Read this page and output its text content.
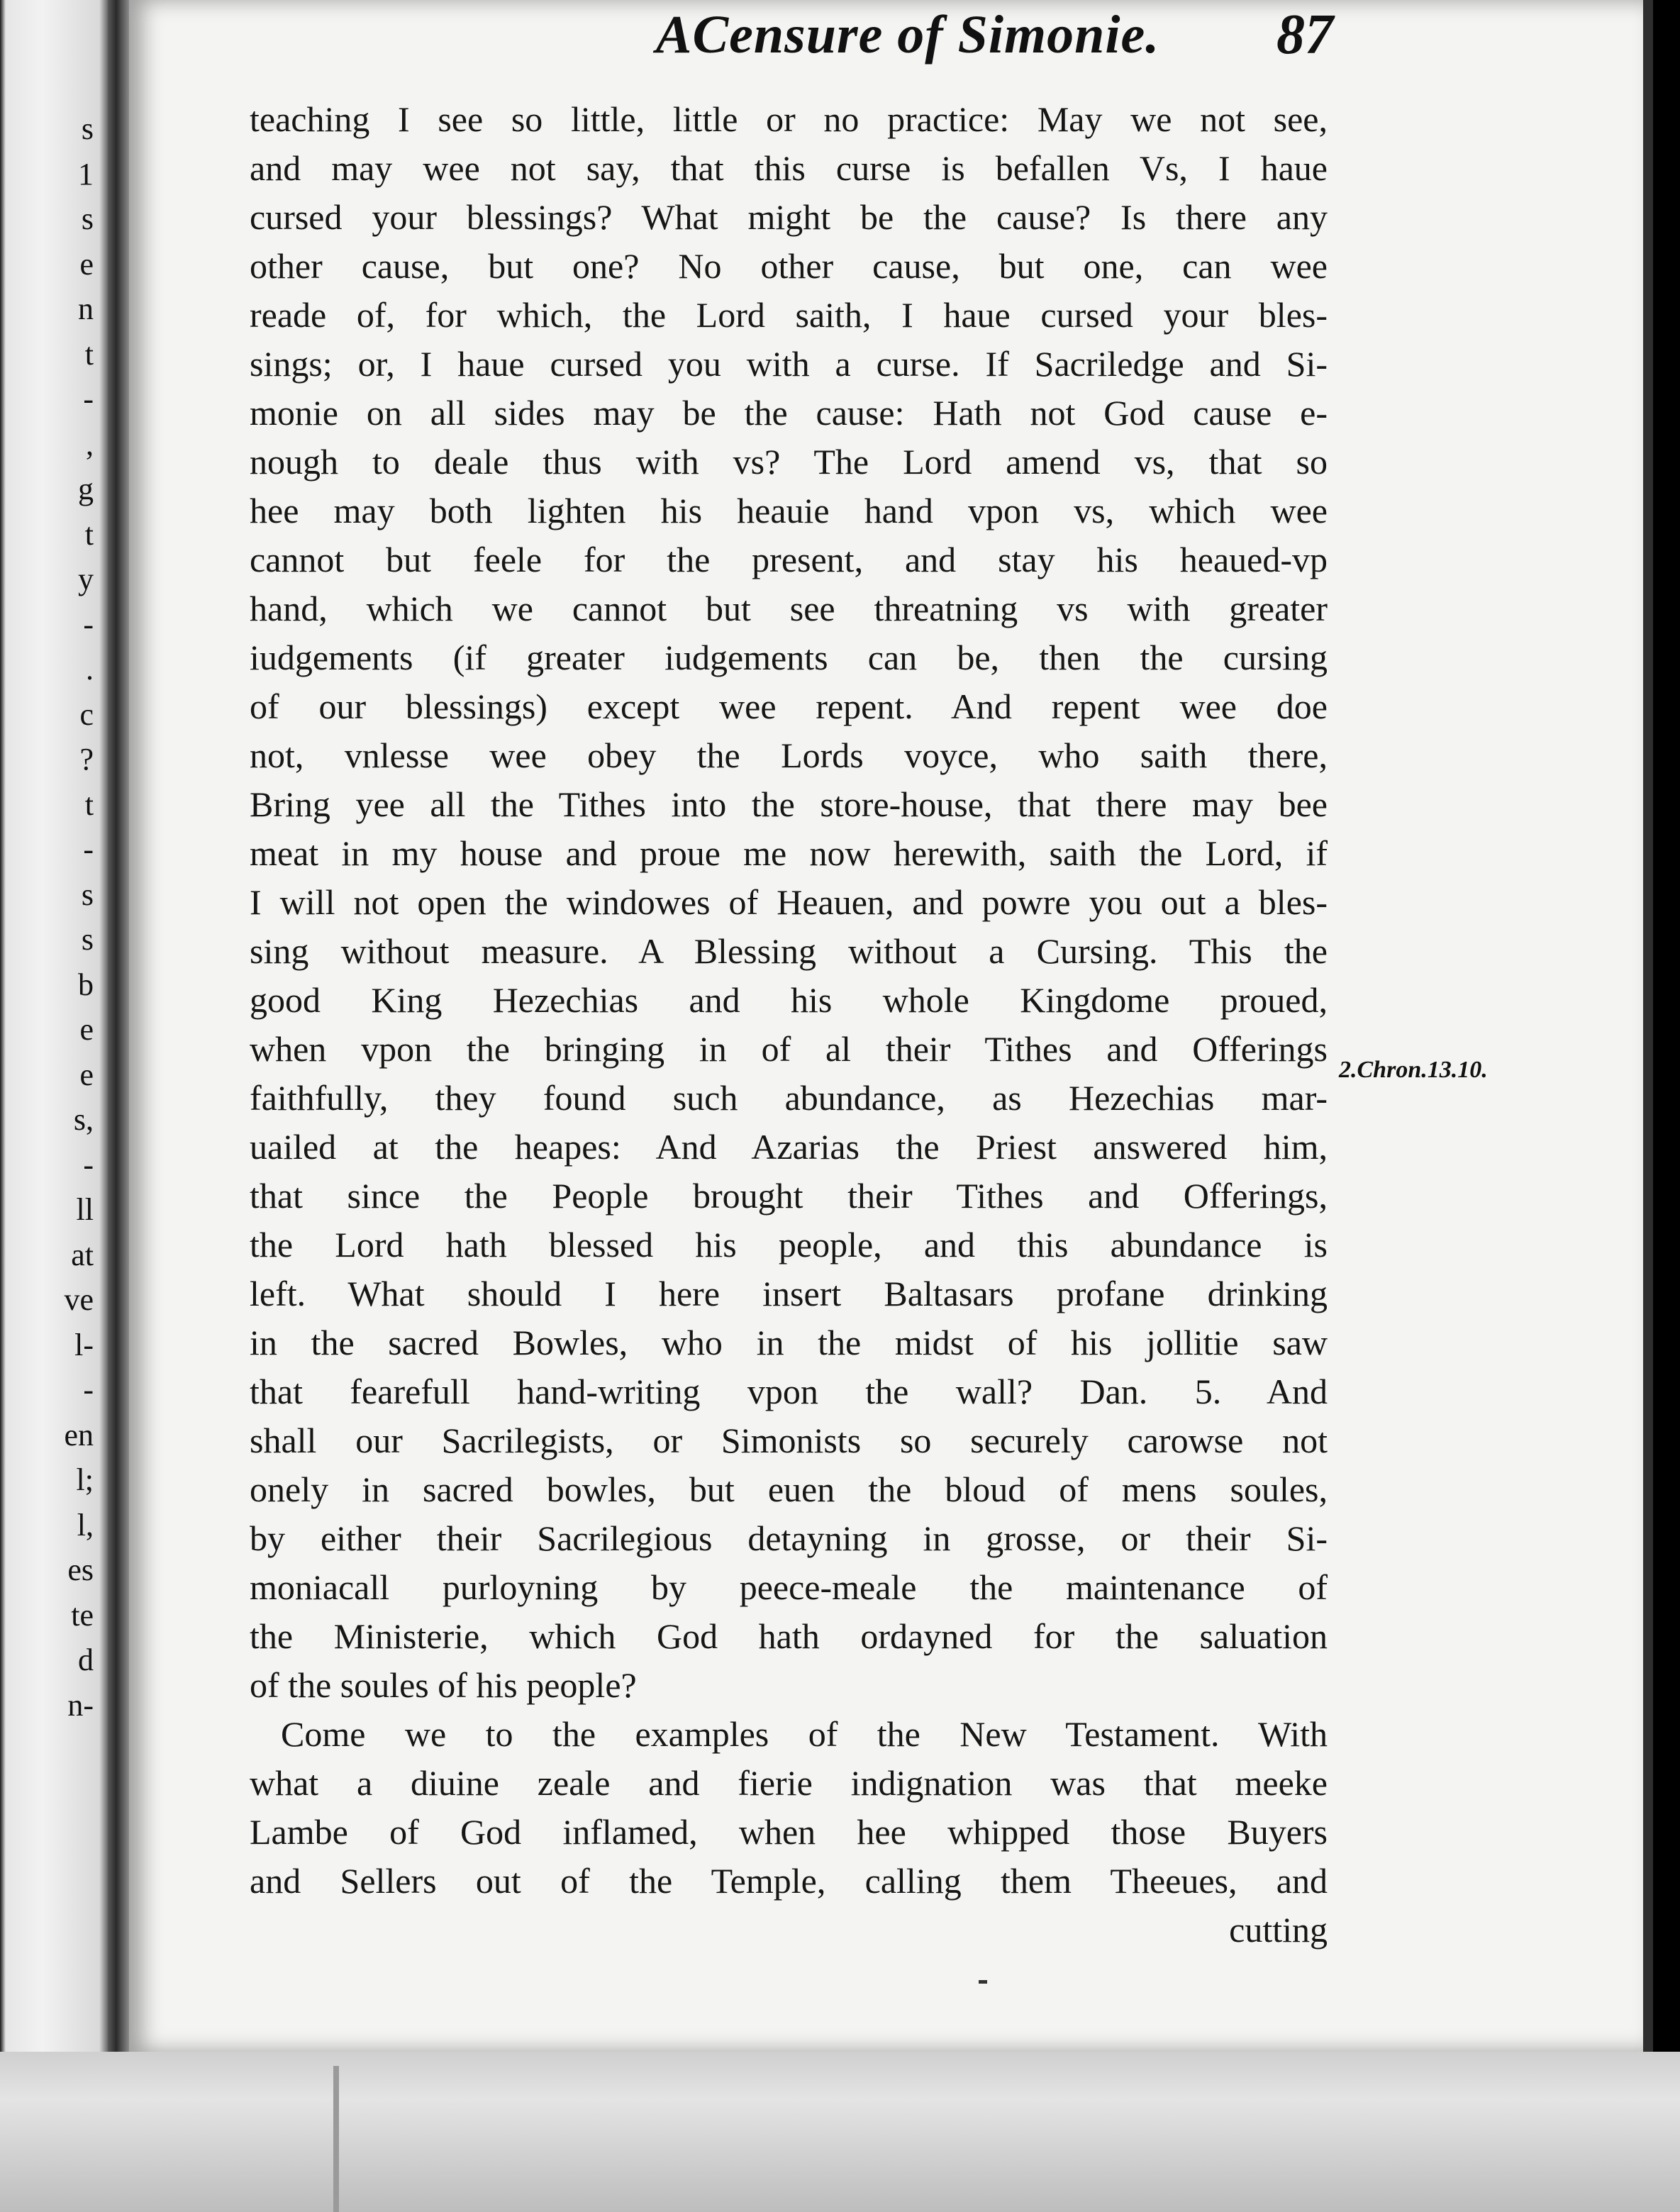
s
1
s
e
n
t
-
,
g
t
y
-
.
c
?
t
-
s
s
b
e
e
s,
-
ll
at
ve
l-
-
en
l;
l,
es
te
d
n-
ACensure of Simonie.	87
teaching I see so little, little or no practice: May we not see,
and may wee not say, that this curse is befallen Vs, I haue
cursed your blessings? What might be the cause? Is there any
other cause, but one? No other cause, but one, can wee
reade of, for which, the Lord saith, I haue cursed your bles-
sings; or, I haue cursed you with a curse. If Sacriledge and Si-
monie on all sides may be the cause: Hath not God cause e-
nough to deale thus with vs? The Lord amend vs, that so
hee may both lighten his heauie hand vpon vs, which wee
cannot but feele for the present, and stay his heaued-vp
hand, which we cannot but see threatning vs with greater
iudgements (if greater iudgements can be, then the cursing
of our blessings) except wee repent. And repent wee doe
not, vnlesse wee obey the Lords voyce, who saith there,
Bring yee all the Tithes into the store-house, that there may bee
meat in my house and proue me now herewith, saith the Lord, if
I will not open the windowes of Heauen, and powre you out a bles-
sing without measure. A Blessing without a Cursing. This the
good King Hezechias and his whole Kingdome proued,
when vpon the bringing in of al their Tithes and Offerings
faithfully, they found such abundance, as Hezechias mar-
uailed at the heapes: And Azarias the Priest answered him,
that since the People brought their Tithes and Offerings,
the Lord hath blessed his people, and this abundance is
left. What should I here insert Baltasars profane drinking
in the sacred Bowles, who in the midst of his jollitie saw
that fearefull hand-writing vpon the wall? Dan. 5. And
shall our Sacrilegists, or Simonists so securely carowse not
onely in sacred bowles, but euen the bloud of mens soules,
by either their Sacrilegious detayning in grosse, or their Si-
moniacall purloyning by peece-meale the maintenance of
the Ministerie, which God hath ordayned for the saluation
of the soules of his people?
Come we to the examples of the New Testament. With
what a diuine zeale and fierie indignation was that meeke
Lambe of God inflamed, when hee whipped those Buyers
and Sellers out of the Temple, calling them Theeues, and
cutting
2.Chron.13.10.
